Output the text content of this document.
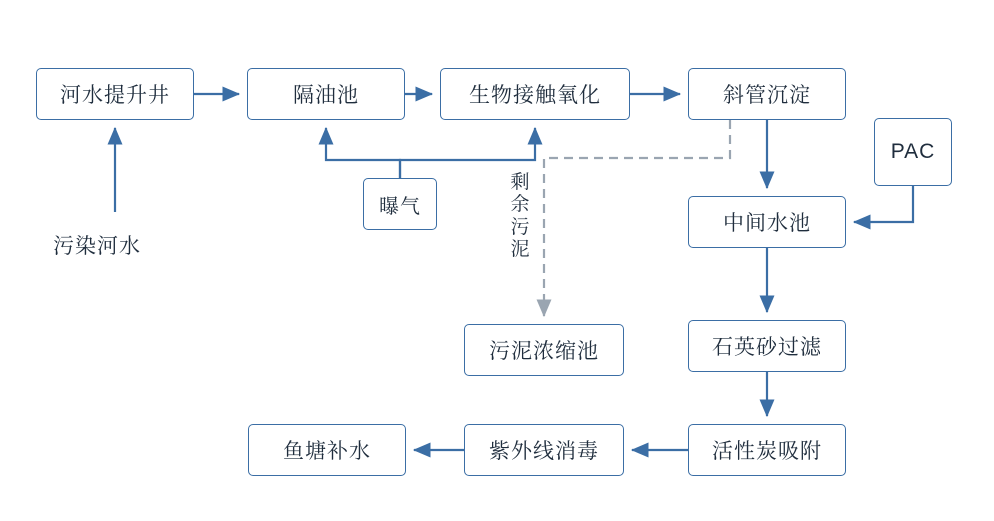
河水提升井	隔油池	生物接触氧化	斜管沉淀
PAC
曝气
中间水池
污泥浓缩池	石英砂过滤
活性炭吸附
紫外线消毒
鱼塘补水
污染河水
剩余污泥
